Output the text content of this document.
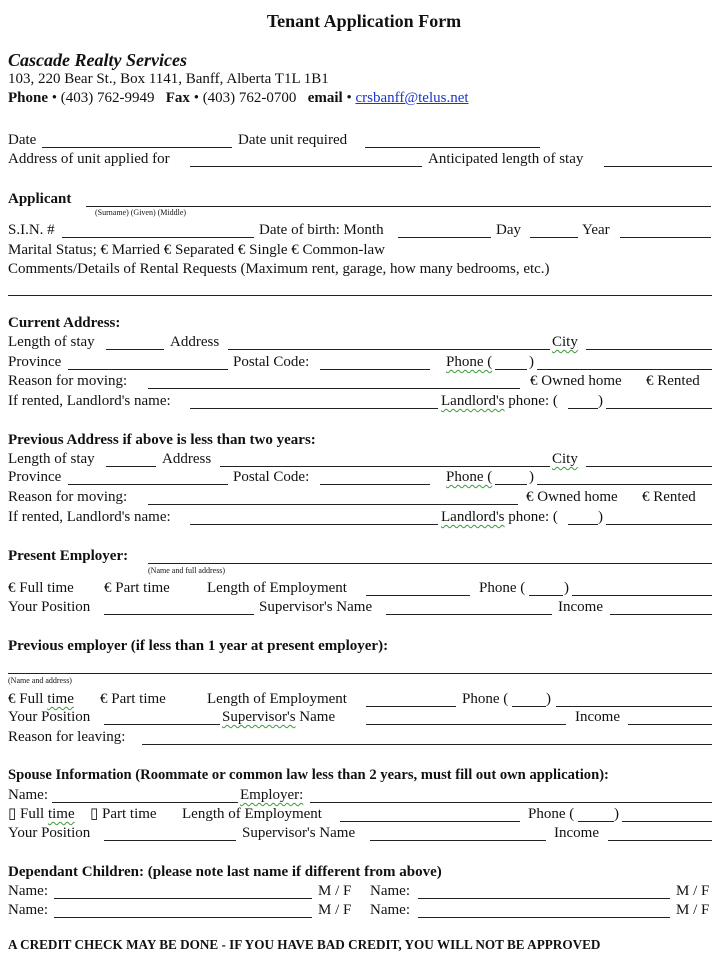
Tenant Application Form
Cascade Realty Services
103, 220 Bear St., Box 1141, Banff, Alberta T1L 1B1
Phone • (403) 762-9949 Fax • (403) 762-0700 email • crsbanff@telus.net
Date	Date unit required
Address of unit applied for	Anticipated length of stay
Applicant
(Surname) (Given) (Middle)
S.I.N. #	Date of birth: Month	Day	Year
Marital Status; € Married € Separated € Single € Common-law
Comments/Details of Rental Requests (Maximum rent, garage, how many bedrooms, etc.)
Current Address:
Length of stay	Address	City
Province	Postal Code:	Phone ( )
Reason for moving:	€ Owned home € Rented
If rented, Landlord's name:	Landlord's phone: (	)
Previous Address if above is less than two years:
Length of stay	Address	City
Province	Postal Code:	Phone ( )
Reason for moving:	€ Owned home € Rented
If rented, Landlord's name:	Landlord's phone: (	)
Present Employer:
(Name and full address)
€ Full time € Part time Length of Employment	Phone (	)
Your Position	Supervisor's Name	Income
Previous employer (if less than 1 year at present employer):
(Name and address)
€ Full time € Part time	Length of Employment	Phone (	)
Your Position	Supervisor's Name	Income
Reason for leaving:
Spouse Information (Roommate or common law less than 2 years, must fill out own application):
Name:	Employer:
▯ Full time ▯ Part time Length of Employment	Phone (	)
Your Position	Supervisor's Name	Income
Dependant Children: (please note last name if different from above)
Name:	M / F Name:	M / F
Name:	M / F Name:	M / F
A CREDIT CHECK MAY BE DONE - IF YOU HAVE BAD CREDIT, YOU WILL NOT BE APPROVED
